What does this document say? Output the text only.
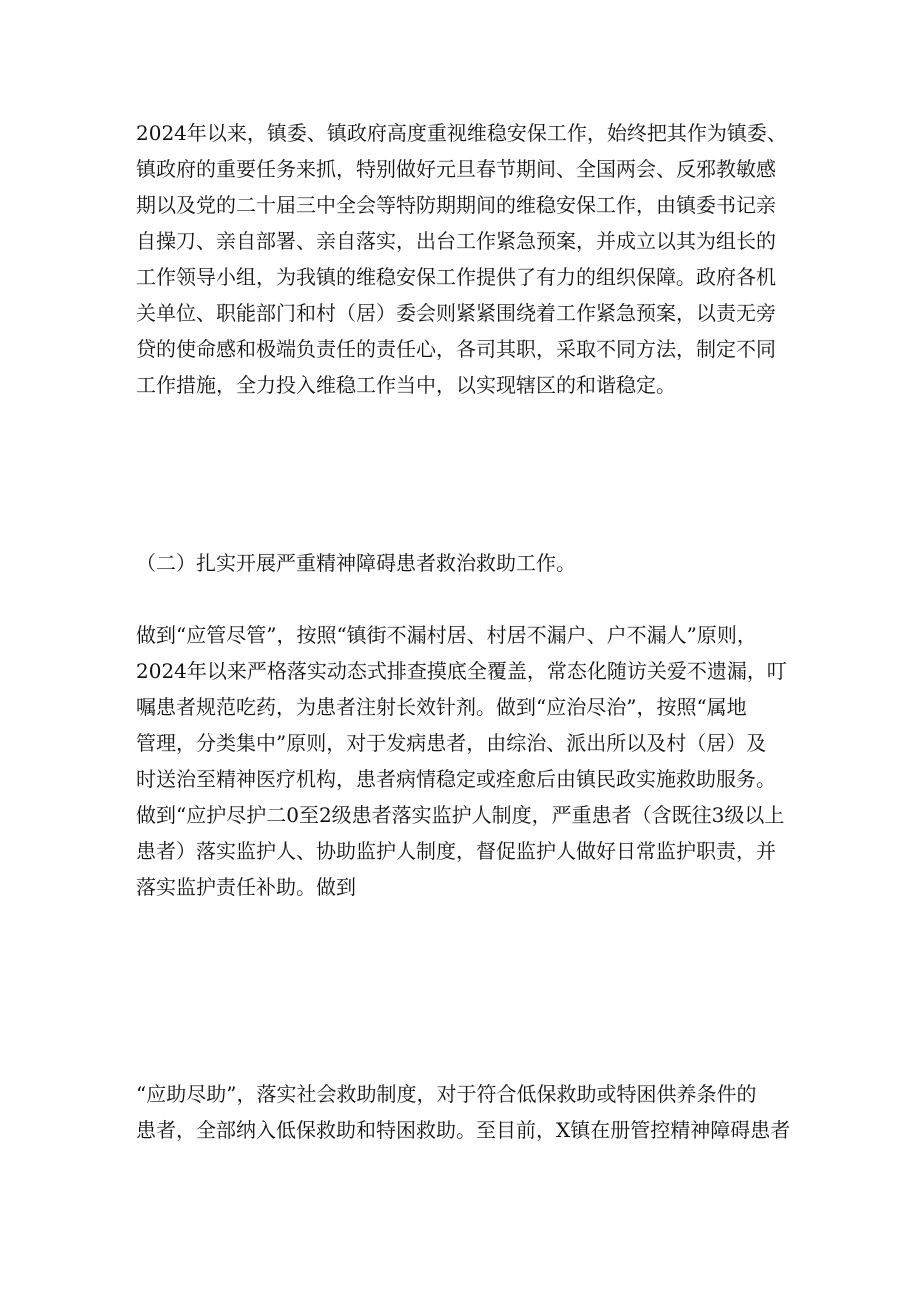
2024年以来，镇委、镇政府高度重视维稳安保工作，始终把其作为镇委、
镇政府的重要任务来抓，特别做好元旦春节期间、全国两会、反邪教敏感
期以及党的二十届三中全会等特防期期间的维稳安保工作，由镇委书记亲
自操刀、亲自部署、亲自落实，出台工作紧急预案，并成立以其为组长的
工作领导小组，为我镇的维稳安保工作提供了有力的组织保障。政府各机
关单位、职能部门和村（居）委会则紧紧围绕着工作紧急预案，以责无旁
贷的使命感和极端负责任的责任心，各司其职，采取不同方法，制定不同
工作措施，全力投入维稳工作当中，以实现辖区的和谐稳定。
（二）扎实开展严重精神障碍患者救治救助工作。
做到“应管尽管”，按照“镇街不漏村居、村居不漏户、户不漏人”原则，
2024年以来严格落实动态式排查摸底全覆盖，常态化随访关爱不遗漏，叮
嘱患者规范吃药，为患者注射长效针剂。做到“应治尽治”，按照“属地
管理，分类集中”原则，对于发病患者，由综治、派出所以及村（居）及
时送治至精神医疗机构，患者病情稳定或痊愈后由镇民政实施救助服务。
做到“应护尽护二0至2级患者落实监护人制度，严重患者（含既往3级以上
患者）落实监护人、协助监护人制度，督促监护人做好日常监护职责，并
落实监护责任补助。做到
“应助尽助”，落实社会救助制度，对于符合低保救助或特困供养条件的
患者，全部纳入低保救助和特困救助。至目前，X镇在册管控精神障碍患者
